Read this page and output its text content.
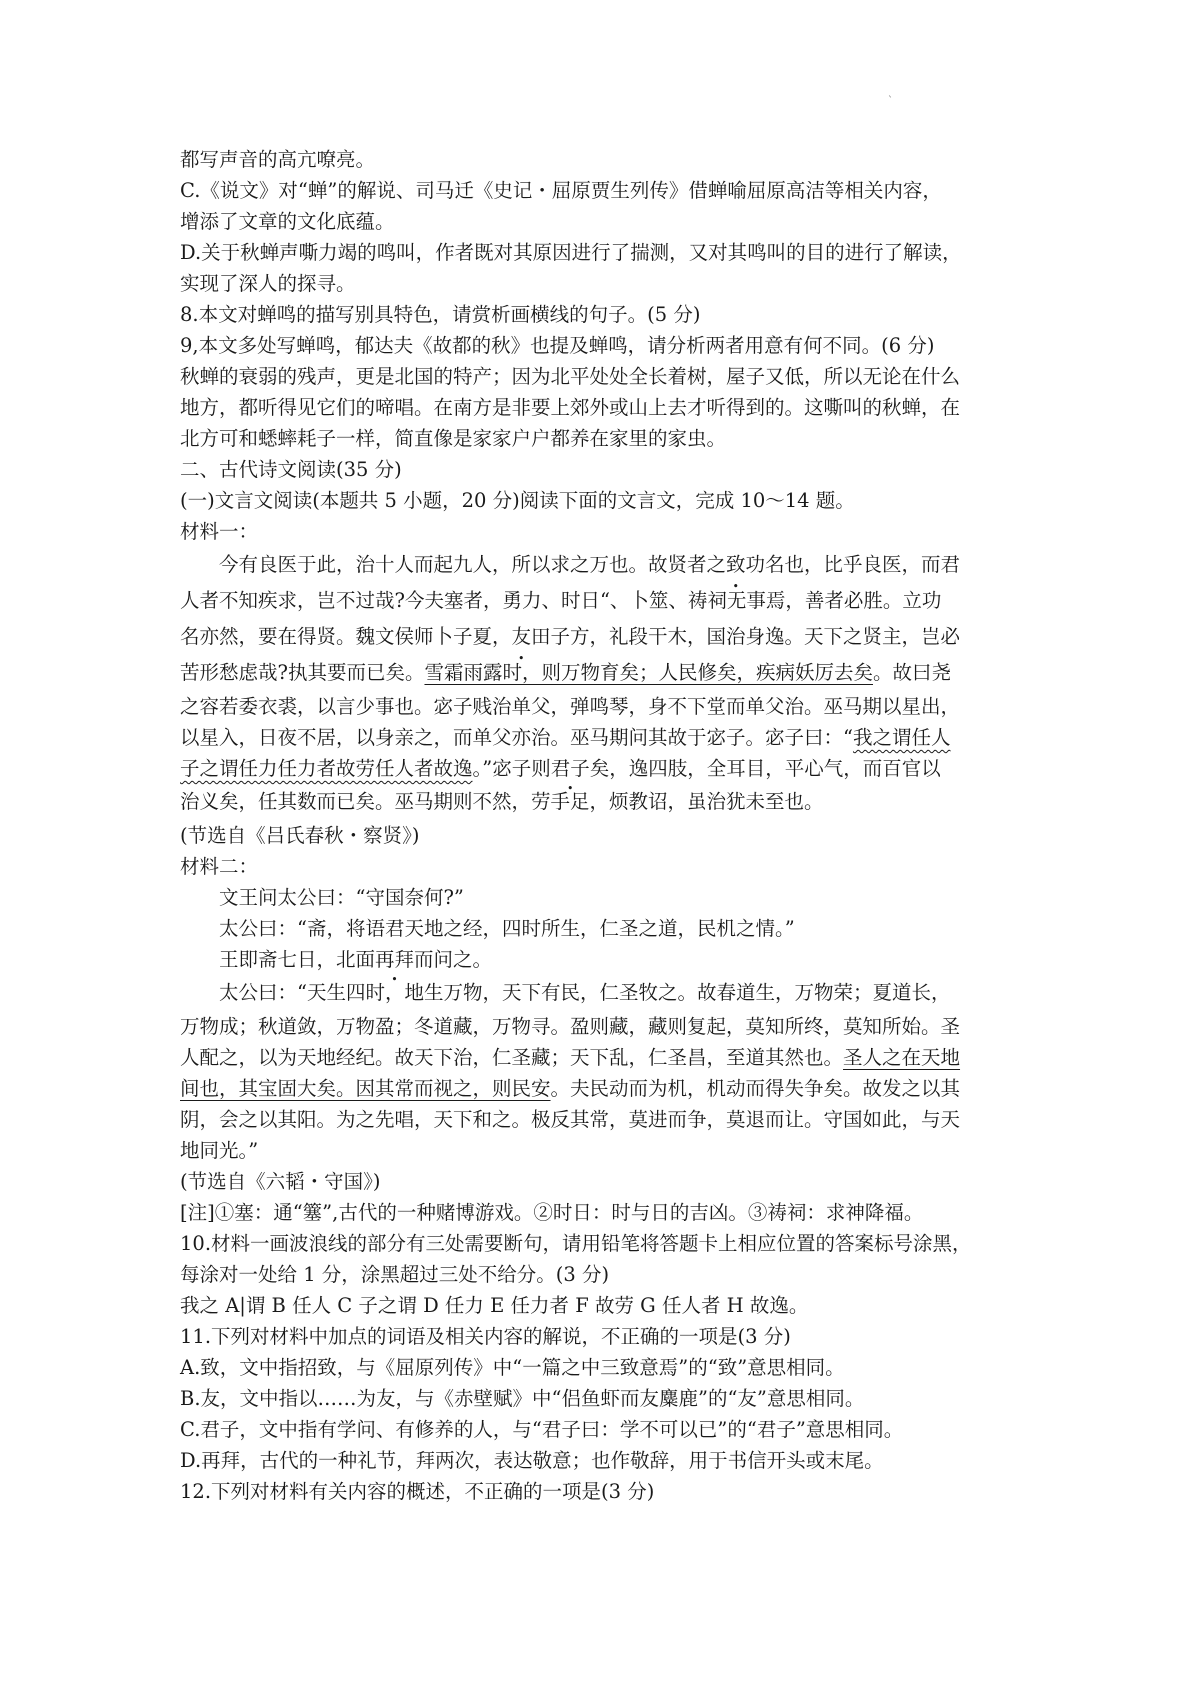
`
都写声音的高亢嘹亮。
C.《说文》对“蝉”的解说、司马迁《史记・屈原贾生列传》借蝉喻屈原高洁等相关内容，
增添了文章的文化底蕴。
D.关于秋蝉声嘶力竭的鸣叫，作者既对其原因进行了揣测，又对其鸣叫的目的进行了解读，
实现了深人的探寻。
8.本文对蝉鸣的描写别具特色，请赏析画横线的句子。(5 分)
9,本文多处写蝉鸣，郁达夫《故都的秋》也提及蝉鸣，请分析两者用意有何不同。(6 分)
秋蝉的衰弱的残声，更是北国的特产；因为北平处处全长着树，屋子又低，所以无论在什么
地方，都听得见它们的啼唱。在南方是非要上郊外或山上去才听得到的。这嘶叫的秋蝉，在
北方可和蟋蟀耗子一样，简直像是家家户户都养在家里的家虫。
二、古代诗文阅读(35 分)
(一)文言文阅读(本题共 5 小题，20 分)阅读下面的文言文，完成 10～14 题。
材料一：
今有良医于此，治十人而起九人，所以求之万也。故贤者之致功名也，比乎良医，而君
人者不知疾求，岂不过哉?今夫塞者，勇力、时日“、卜筮、祷祠无事焉，善者必胜。立功
名亦然，要在得贤。魏文侯师卜子夏，友田子方，礼段干木，国治身逸。天下之贤主，岂必
苦形愁虑哉?执其要而已矣。雪霜雨露时，则万物育矣；人民修矣，疾病妖厉去矣。故曰尧
之容若委衣裘，以言少事也。宓子贱治单父，弹鸣琴，身不下堂而单父治。巫马期以星出，
以星入，日夜不居，以身亲之，而单父亦治。巫马期问其故于宓子。宓子曰：“我之谓任人
子之谓任力任力者故劳任人者故逸。”宓子则君子矣，逸四肢，全耳目，平心气，而百官以
治义矣，任其数而已矣。巫马期则不然，劳手足，烦教诏，虽治犹未至也。
(节选自《吕氏春秋・察贤》)
材料二：
文王问太公曰：“守国奈何?”
太公曰：“斋，将语君天地之经，四时所生，仁圣之道，民机之情。”
王即斋七日，北面再拜而问之。
太公曰：“天生四时，地生万物，天下有民，仁圣牧之。故春道生，万物荣；夏道长，
万物成；秋道敛，万物盈；冬道藏，万物寻。盈则藏，藏则复起，莫知所终，莫知所始。圣
人配之，以为天地经纪。故天下治，仁圣藏；天下乱，仁圣昌，至道其然也。圣人之在天地
间也，其宝固大矣。因其常而视之，则民安。夫民动而为机，机动而得失争矣。故发之以其
阴，会之以其阳。为之先唱，天下和之。极反其常，莫进而争，莫退而让。守国如此，与天
地同光。”
(节选自《六韬・守国》)
[注]①塞：通“簺”,古代的一种赌博游戏。②时日：时与日的吉凶。③祷祠：求神降福。
10.材料一画波浪线的部分有三处需要断句，请用铅笔将答题卡上相应位置的答案标号涂黑，
每涂对一处给 1 分，涂黑超过三处不给分。(3 分)
我之 A|谓 B 任人 C 子之谓 D 任力 E 任力者 F 故劳 G 任人者 H 故逸。
11.下列对材料中加点的词语及相关内容的解说，不正确的一项是(3 分)
A.致，文中指招致，与《屈原列传》中“一篇之中三致意焉”的“致”意思相同。
B.友，文中指以……为友，与《赤壁赋》中“侣鱼虾而友麋鹿”的“友”意思相同。
C.君子，文中指有学问、有修养的人，与“君子曰：学不可以已”的“君子”意思相同。
D.再拜，古代的一种礼节，拜两次，表达敬意；也作敬辞，用于书信开头或末尾。
12.下列对材料有关内容的概述，不正确的一项是(3 分)
